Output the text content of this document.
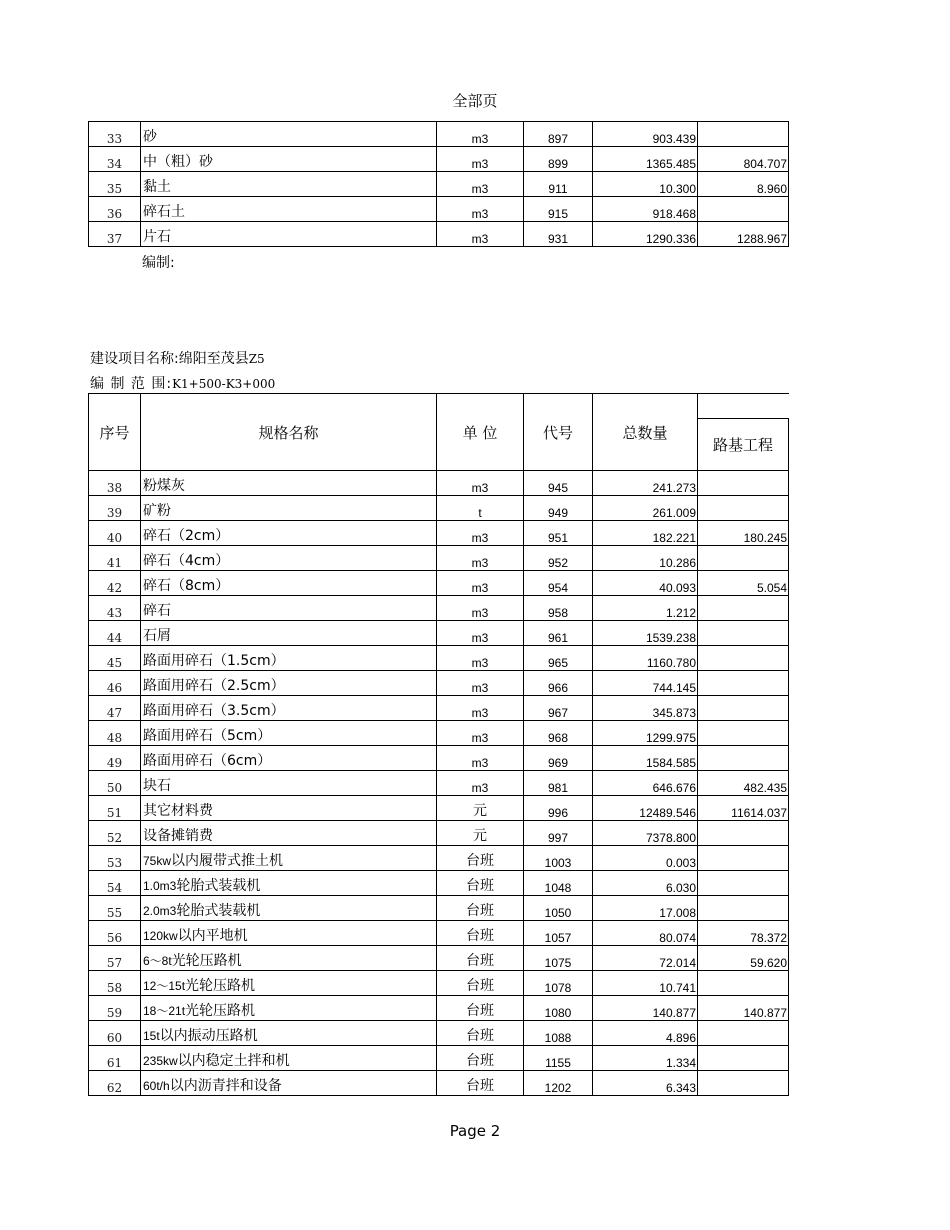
全部页
33	砂	m3	897	903.439	
34	中（粗）砂	m3	899	1365.485	804.707
35	黏土	m3	911	10.300	8.960
36	碎石土	m3	915	918.468	
37	片石	m3	931	1290.336	1288.967
编制:
建设项目名称:绵阳至茂县Z5
编 制 范 围:K1+500-K3+000
序号	规格名称	单 位	代号	总数量	
					路基工程
38	粉煤灰	m3	945	241.273	
39	矿粉	t	949	261.009	
40	碎石（2cm）	m3	951	182.221	180.245
41	碎石（4cm）	m3	952	10.286	
42	碎石（8cm）	m3	954	40.093	5.054
43	碎石	m3	958	1.212	
44	石屑	m3	961	1539.238	
45	路面用碎石（1.5cm）	m3	965	1160.780	
46	路面用碎石（2.5cm）	m3	966	744.145	
47	路面用碎石（3.5cm）	m3	967	345.873	
48	路面用碎石（5cm）	m3	968	1299.975	
49	路面用碎石（6cm）	m3	969	1584.585	
50	块石	m3	981	646.676	482.435
51	其它材料费	元	996	12489.546	11614.037
52	设备摊销费	元	997	7378.800	
53	75kw以内履带式推土机	台班	1003	0.003	
54	1.0m3轮胎式装载机	台班	1048	6.030	
55	2.0m3轮胎式装载机	台班	1050	17.008	
56	120kw以内平地机	台班	1057	80.074	78.372
57	6～8t光轮压路机	台班	1075	72.014	59.620
58	12～15t光轮压路机	台班	1078	10.741	
59	18～21t光轮压路机	台班	1080	140.877	140.877
60	15t以内振动压路机	台班	1088	4.896	
61	235kw以内稳定土拌和机	台班	1155	1.334	
62	60t/h以内沥青拌和设备	台班	1202	6.343	
Page 2
